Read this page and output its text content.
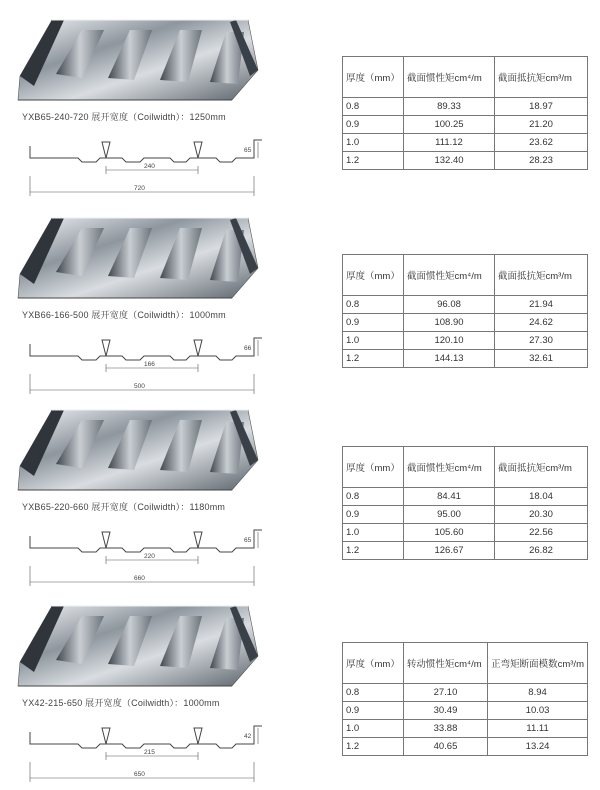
YXB65-240-720 展开宽度（Coilwidth）：1250mm
65
240
720
厚度（mm）	截面惯性矩cm⁴/m	截面抵抗矩cm³/m
0.8	89.33	18.97
0.9	100.25	21.20
1.0	111.12	23.62
1.2	132.40	28.23
YXB66-166-500 展开宽度（Coilwidth）：1000mm
66
166
500
厚度（mm）	截面惯性矩cm⁴/m	截面抵抗矩cm³/m
0.8	96.08	21.94
0.9	108.90	24.62
1.0	120.10	27.30
1.2	144.13	32.61
YXB65-220-660 展开宽度（Coilwidth）：1180mm
65
220
660
厚度（mm）	截面惯性矩cm⁴/m	截面抵抗矩cm³/m
0.8	84.41	18.04
0.9	95.00	20.30
1.0	105.60	22.56
1.2	126.67	26.82
YX42-215-650 展开宽度（Coilwidth）：1000mm
42
215
650
厚度（mm）	转动惯性矩cm⁴/m	正弯矩断面模数cm³/m
0.8	27.10	8.94
0.9	30.49	10.03
1.0	33.88	11.11
1.2	40.65	13.24
